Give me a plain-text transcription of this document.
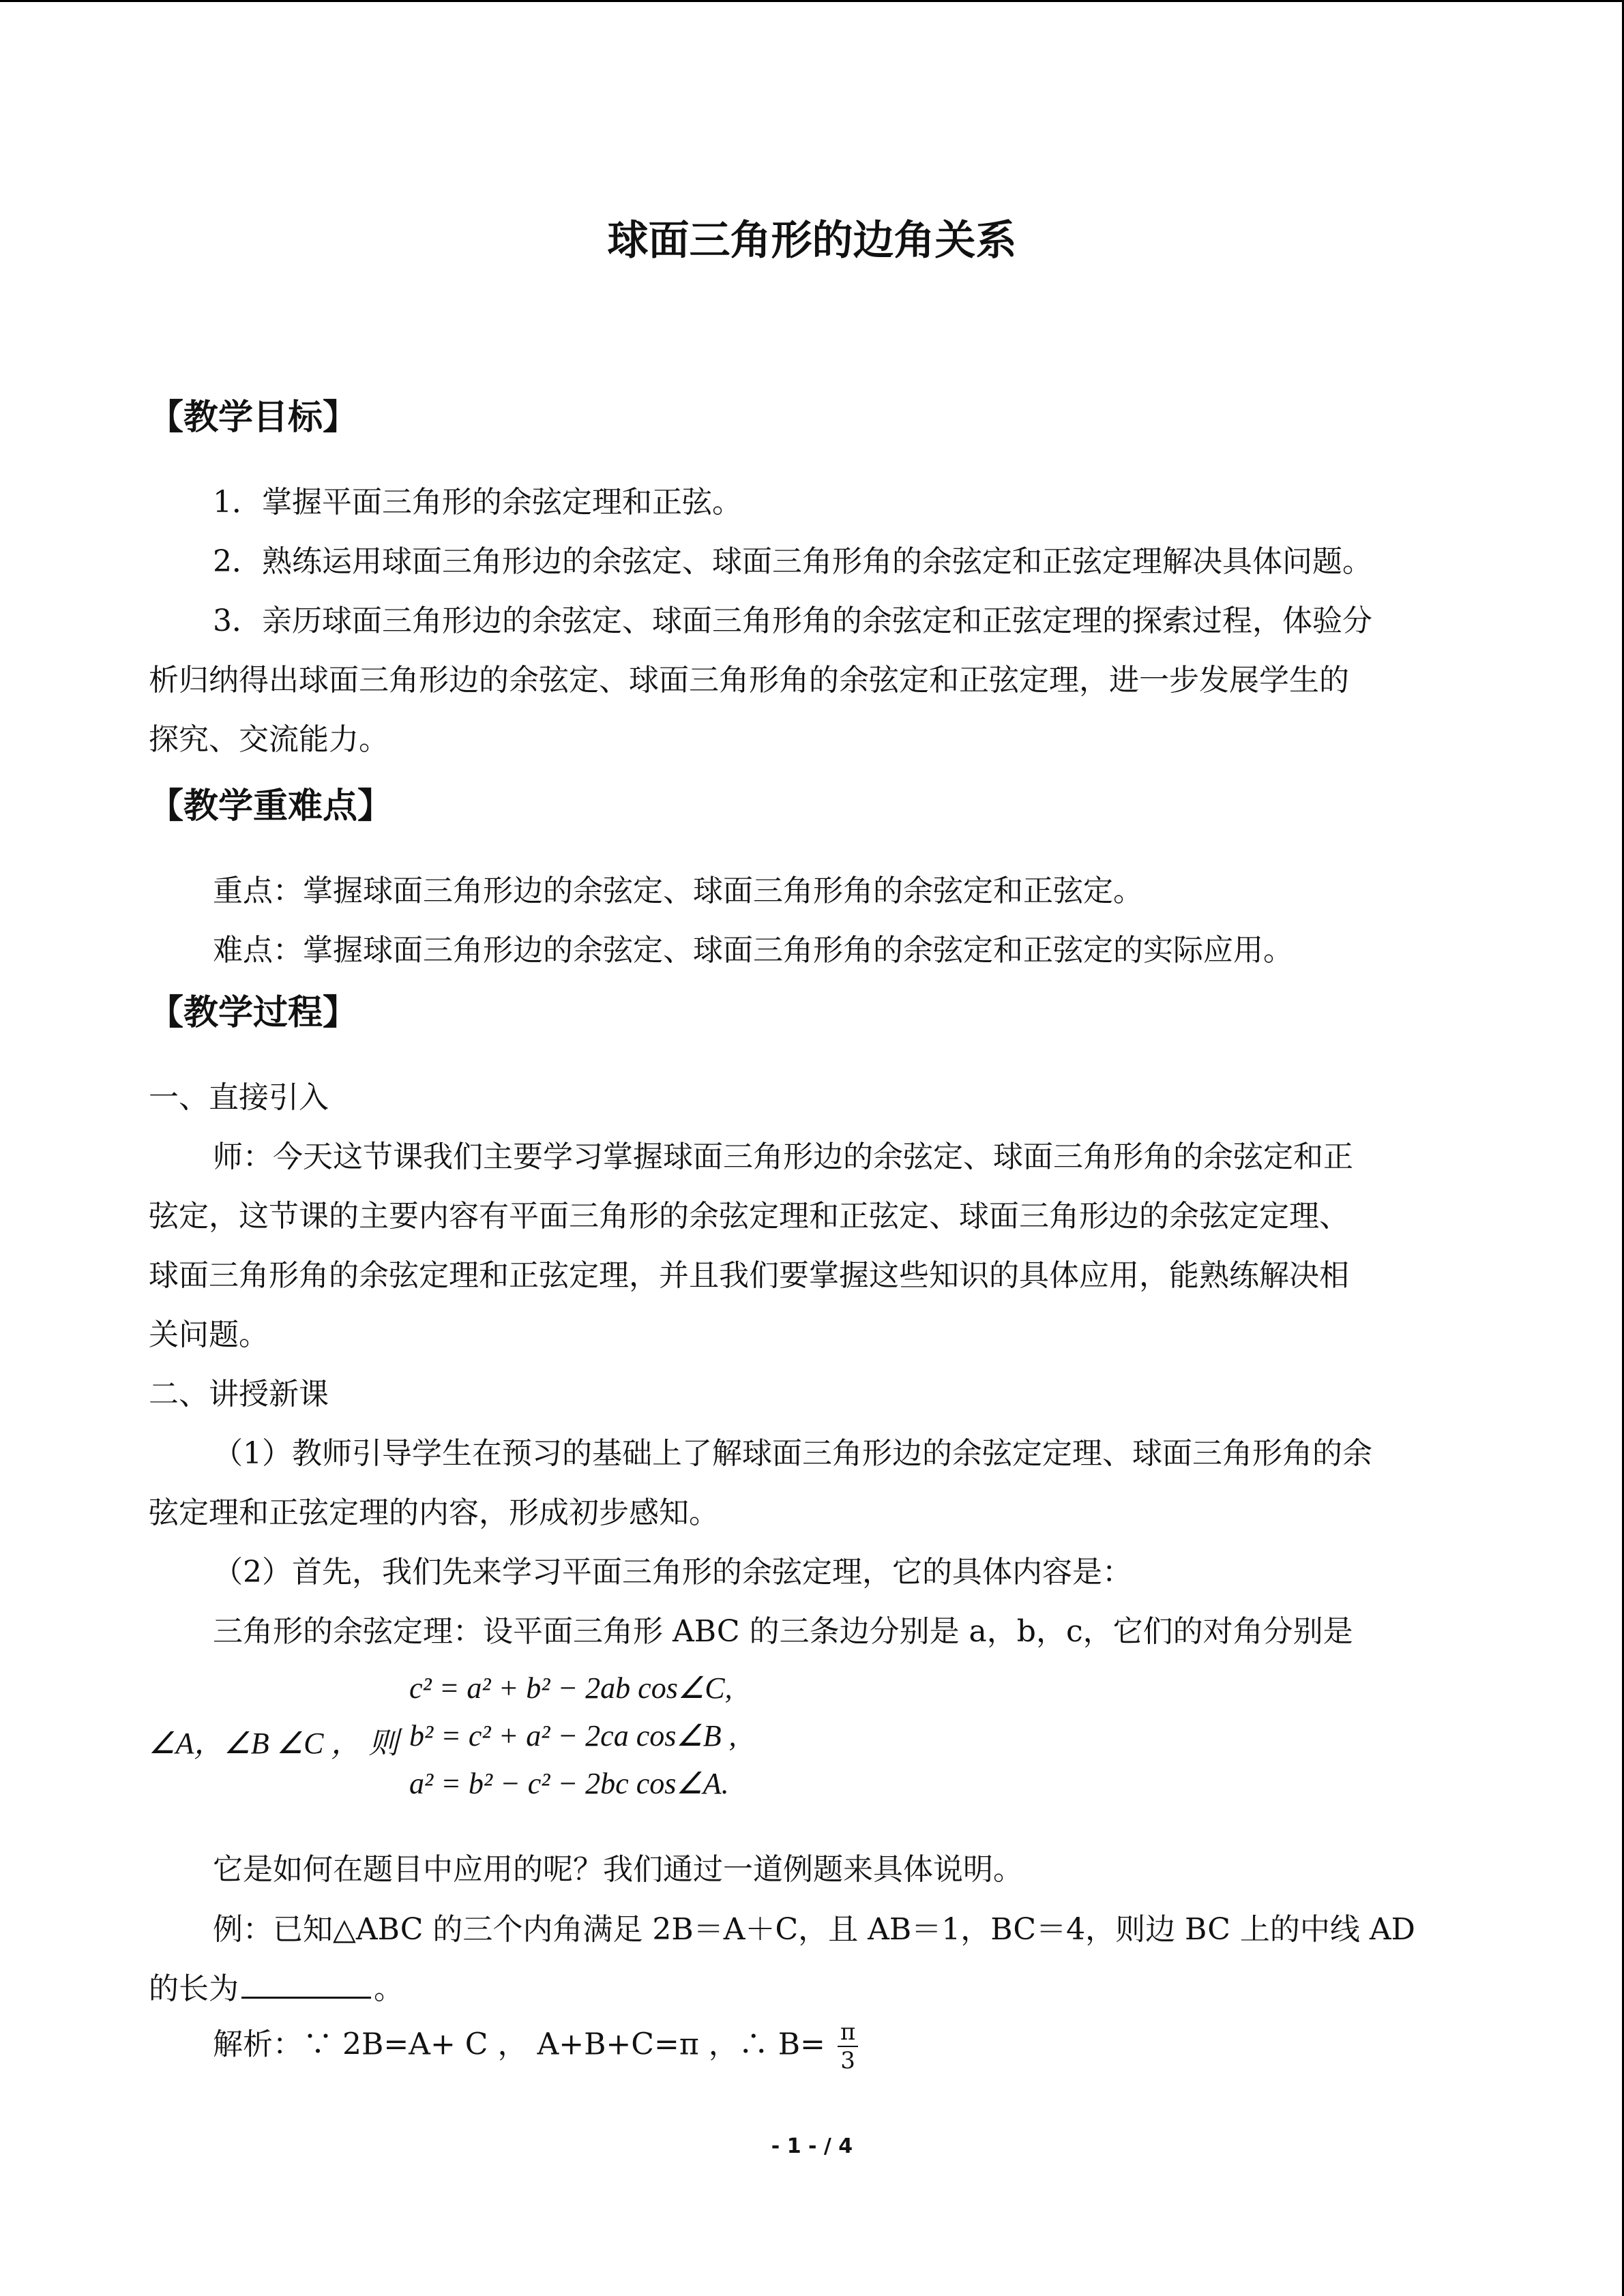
球面三角形的边角关系
【教学目标】
1．掌握平面三角形的余弦定理和正弦。
2．熟练运用球面三角形边的余弦定、球面三角形角的余弦定和正弦定理解决具体问题。
3．亲历球面三角形边的余弦定、球面三角形角的余弦定和正弦定理的探索过程，体验分
析归纳得出球面三角形边的余弦定、球面三角形角的余弦定和正弦定理，进一步发展学生的
探究、交流能力。
【教学重难点】
重点：掌握球面三角形边的余弦定、球面三角形角的余弦定和正弦定。
难点：掌握球面三角形边的余弦定、球面三角形角的余弦定和正弦定的实际应用。
【教学过程】
一、直接引入
师：今天这节课我们主要学习掌握球面三角形边的余弦定、球面三角形角的余弦定和正
弦定，这节课的主要内容有平面三角形的余弦定理和正弦定、球面三角形边的余弦定定理、
球面三角形角的余弦定理和正弦定理，并且我们要掌握这些知识的具体应用，能熟练解决相
关问题。
二、讲授新课
（1）教师引导学生在预习的基础上了解球面三角形边的余弦定定理、球面三角形角的余
弦定理和正弦定理的内容，形成初步感知。
（2）首先，我们先来学习平面三角形的余弦定理，它的具体内容是：
三角形的余弦定理：设平面三角形 ABC 的三条边分别是 a，b，c，它们的对角分别是
c² = a² + b² − 2ab cos∠C,
∠A，∠B ∠C ， 则 b² = c² + a² − 2ca cos∠B ,
a² = b² − c² − 2bc cos∠A.
它是如何在题目中应用的呢？我们通过一道例题来具体说明。
例：已知△ABC 的三个内角满足 2B＝A＋C，且 AB＝1，BC＝4，则边 BC 上的中线 AD
的长为	。
解析：∵ 2B=A+ C ， A+B+C=π ，∴ $B= \frac{\pi}{3}$
- 1 - / 4
